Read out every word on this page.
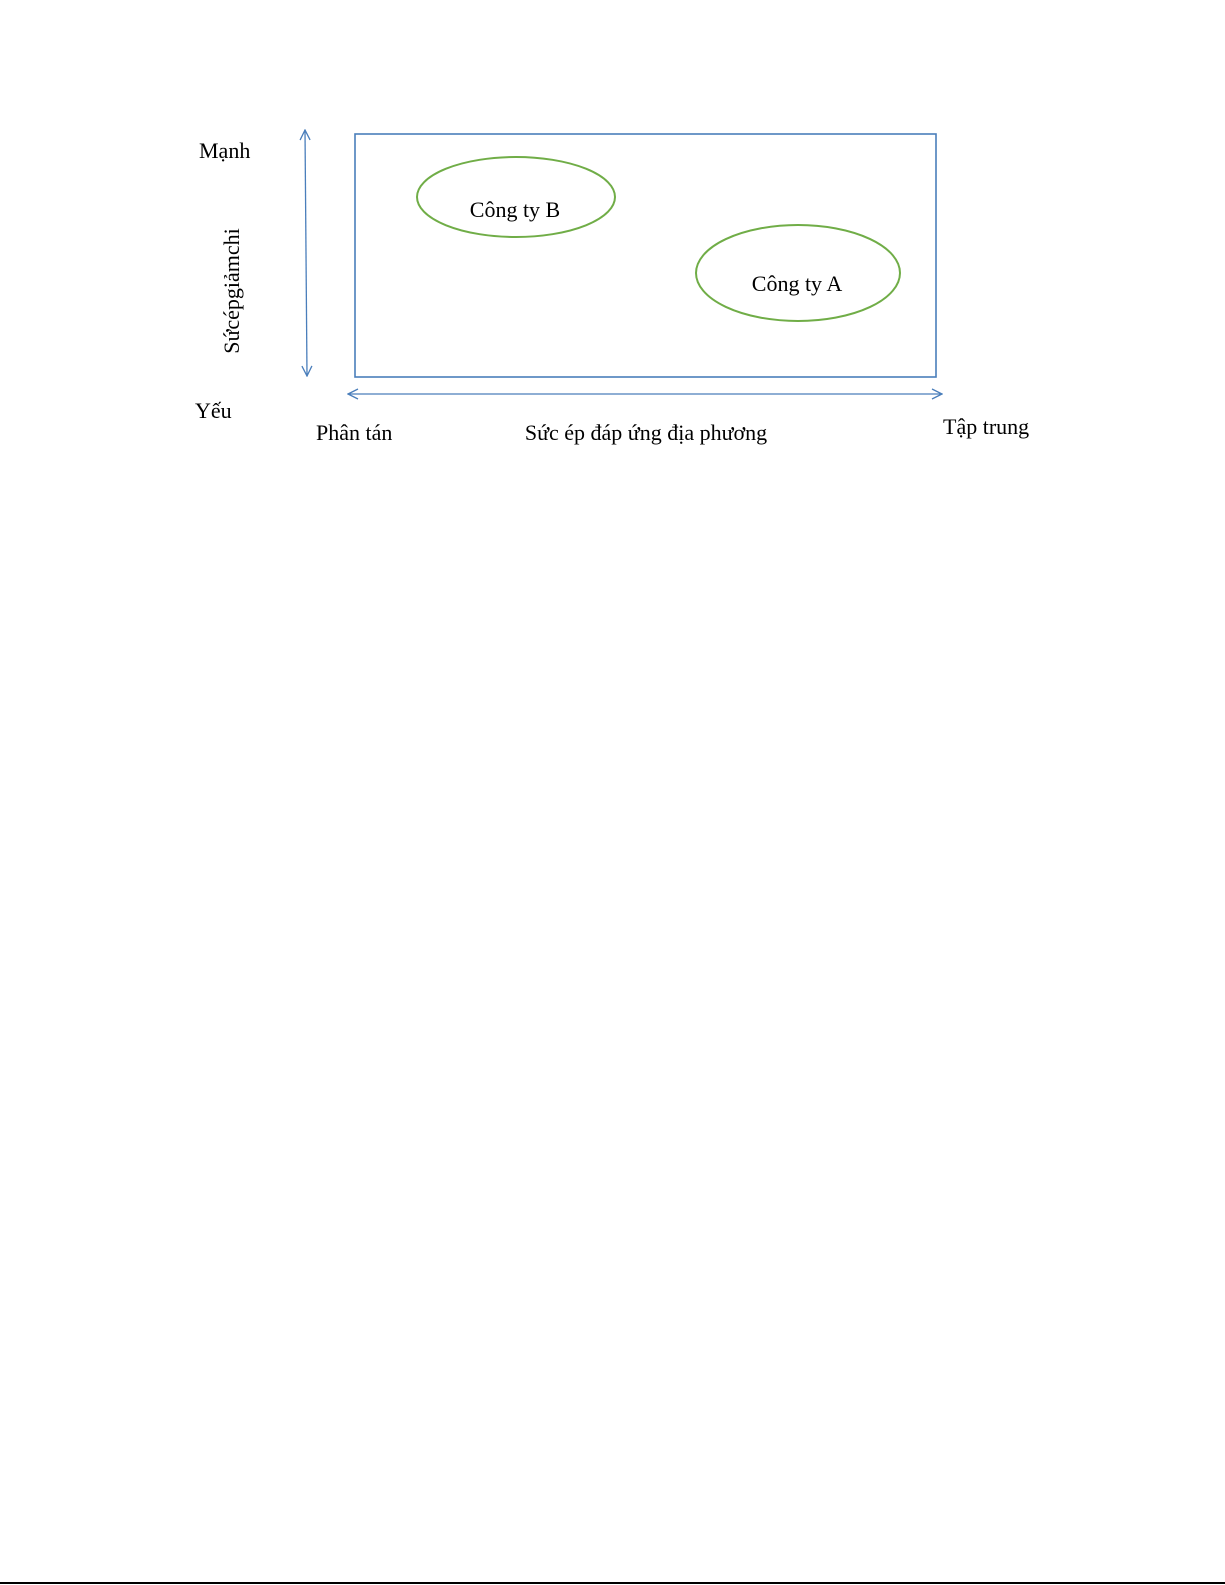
Công ty B
Công ty A
Mạnh
Yếu
Sứcépgiảmchi
Phân tán	Sức ép đáp ứng địa phương	Tập trung
